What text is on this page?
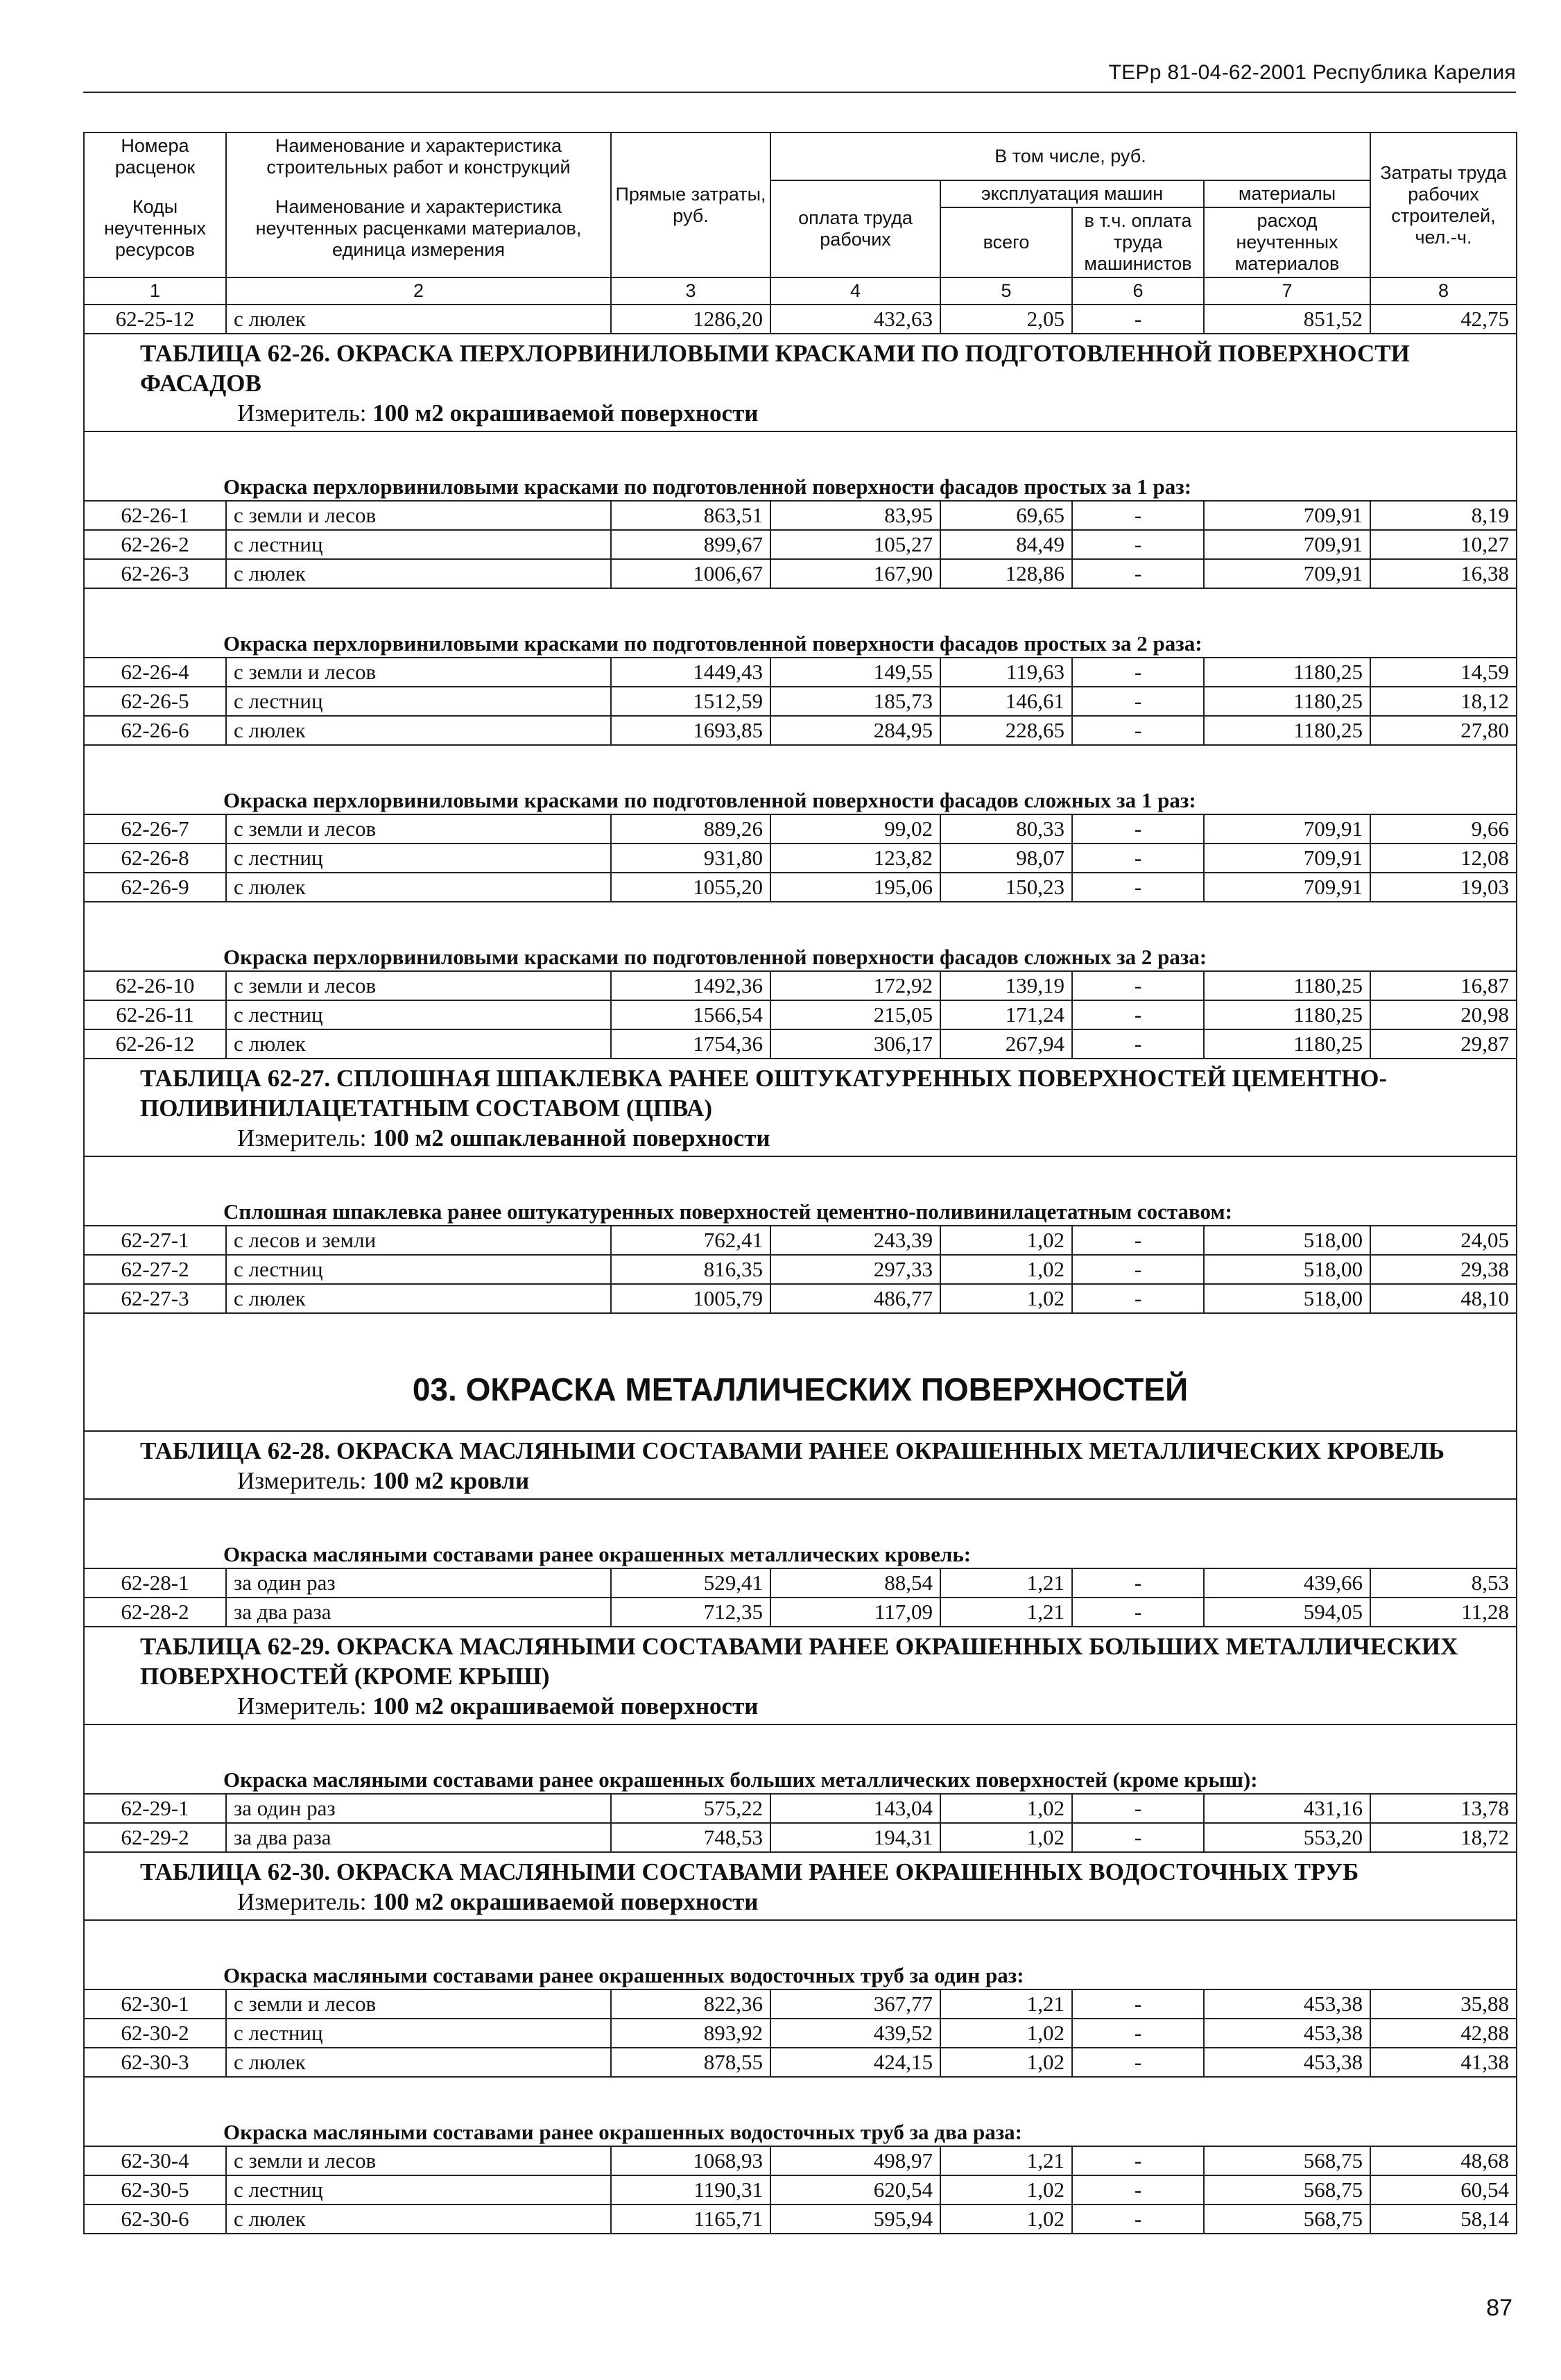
ТЕРр 81-04-62-2001 Республика Карелия
Номера расценок	Наименование и характеристика строительных работ и конструкций	Прямые затраты, руб.	В том числе, руб.				Затраты труда рабочих строителей, чел.-ч.
Коды неучтенных ресурсов	Наименование и характеристика неучтенных расценками материалов, единица измерения		оплата труда рабочих	эксплуатация машин		материалы	
				всего	в т.ч. оплата труда машинистов	расход неучтенных материалов	

1	2	3	4	5	6	7	8
62-25-12	с люлек	1286,20	432,63	2,05	-	851,52	42,75

ТАБЛИЦА 62-26. ОКРАСКА ПЕРХЛОРВИНИЛОВЫМИ КРАСКАМИ ПО ПОДГОТОВЛЕННОЙ ПОВЕРХНОСТИ ФАСАДОВ
Измеритель: 100 м2 окрашиваемой поверхности							

Окраска перхлорвиниловыми красками по подготовленной поверхности фасадов простых за 1 раз:							
62-26-1	с земли и лесов	863,51	83,95	69,65	-	709,91	8,19
62-26-2	с лестниц	899,67	105,27	84,49	-	709,91	10,27
62-26-3	с люлек	1006,67	167,90	128,86	-	709,91	16,38
Окраска перхлорвиниловыми красками по подготовленной поверхности фасадов простых за 2 раза:							
62-26-4	с земли и лесов	1449,43	149,55	119,63	-	1180,25	14,59
62-26-5	с лестниц	1512,59	185,73	146,61	-	1180,25	18,12
62-26-6	с люлек	1693,85	284,95	228,65	-	1180,25	27,80
Окраска перхлорвиниловыми красками по подготовленной поверхности фасадов сложных за 1 раз:							
62-26-7	с земли и лесов	889,26	99,02	80,33	-	709,91	9,66
62-26-8	с лестниц	931,80	123,82	98,07	-	709,91	12,08
62-26-9	с люлек	1055,20	195,06	150,23	-	709,91	19,03
Окраска перхлорвиниловыми красками по подготовленной поверхности фасадов сложных за 2 раза:							
62-26-10	с земли и лесов	1492,36	172,92	139,19	-	1180,25	16,87
62-26-11	с лестниц	1566,54	215,05	171,24	-	1180,25	20,98
62-26-12	с люлек	1754,36	306,17	267,94	-	1180,25	29,87

ТАБЛИЦА 62-27. СПЛОШНАЯ ШПАКЛЕВКА РАНЕЕ ОШТУКАТУРЕННЫХ ПОВЕРХНОСТЕЙ ЦЕМЕНТНО-ПОЛИВИНИЛАЦЕТАТНЫМ СОСТАВОМ (ЦПВА)
Измеритель: 100 м2 ошпаклеванной поверхности							

Сплошная шпаклевка ранее оштукатуренных поверхностей цементно-поливинилацетатным составом:							
62-27-1	с лесов и земли	762,41	243,39	1,02	-	518,00	24,05
62-27-2	с лестниц	816,35	297,33	1,02	-	518,00	29,38
62-27-3	с люлек	1005,79	486,77	1,02	-	518,00	48,10
03. ОКРАСКА МЕТАЛЛИЧЕСКИХ ПОВЕРХНОСТЕЙ							

ТАБЛИЦА 62-28. ОКРАСКА МАСЛЯНЫМИ СОСТАВАМИ РАНЕЕ ОКРАШЕННЫХ МЕТАЛЛИЧЕСКИХ КРОВЕЛЬ
Измеритель: 100 м2 кровли							

Окраска масляными составами ранее окрашенных металлических кровель:							
62-28-1	за один раз	529,41	88,54	1,21	-	439,66	8,53
62-28-2	за два раза	712,35	117,09	1,21	-	594,05	11,28

ТАБЛИЦА 62-29. ОКРАСКА МАСЛЯНЫМИ СОСТАВАМИ РАНЕЕ ОКРАШЕННЫХ БОЛЬШИХ МЕТАЛЛИЧЕСКИХ ПОВЕРХНОСТЕЙ (КРОМЕ КРЫШ)
Измеритель: 100 м2 окрашиваемой поверхности							

Окраска масляными составами ранее окрашенных больших металлических поверхностей (кроме крыш):							
62-29-1	за один раз	575,22	143,04	1,02	-	431,16	13,78
62-29-2	за два раза	748,53	194,31	1,02	-	553,20	18,72

ТАБЛИЦА 62-30. ОКРАСКА МАСЛЯНЫМИ СОСТАВАМИ РАНЕЕ ОКРАШЕННЫХ ВОДОСТОЧНЫХ ТРУБ
Измеритель: 100 м2 окрашиваемой поверхности							

Окраска масляными составами ранее окрашенных водосточных труб за один раз:							
62-30-1	с земли и лесов	822,36	367,77	1,21	-	453,38	35,88
62-30-2	с лестниц	893,92	439,52	1,02	-	453,38	42,88
62-30-3	с люлек	878,55	424,15	1,02	-	453,38	41,38
Окраска масляными составами ранее окрашенных водосточных труб за два раза:							
62-30-4	с земли и лесов	1068,93	498,97	1,21	-	568,75	48,68
62-30-5	с лестниц	1190,31	620,54	1,02	-	568,75	60,54
62-30-6	с люлек	1165,71	595,94	1,02	-	568,75	58,14
87
